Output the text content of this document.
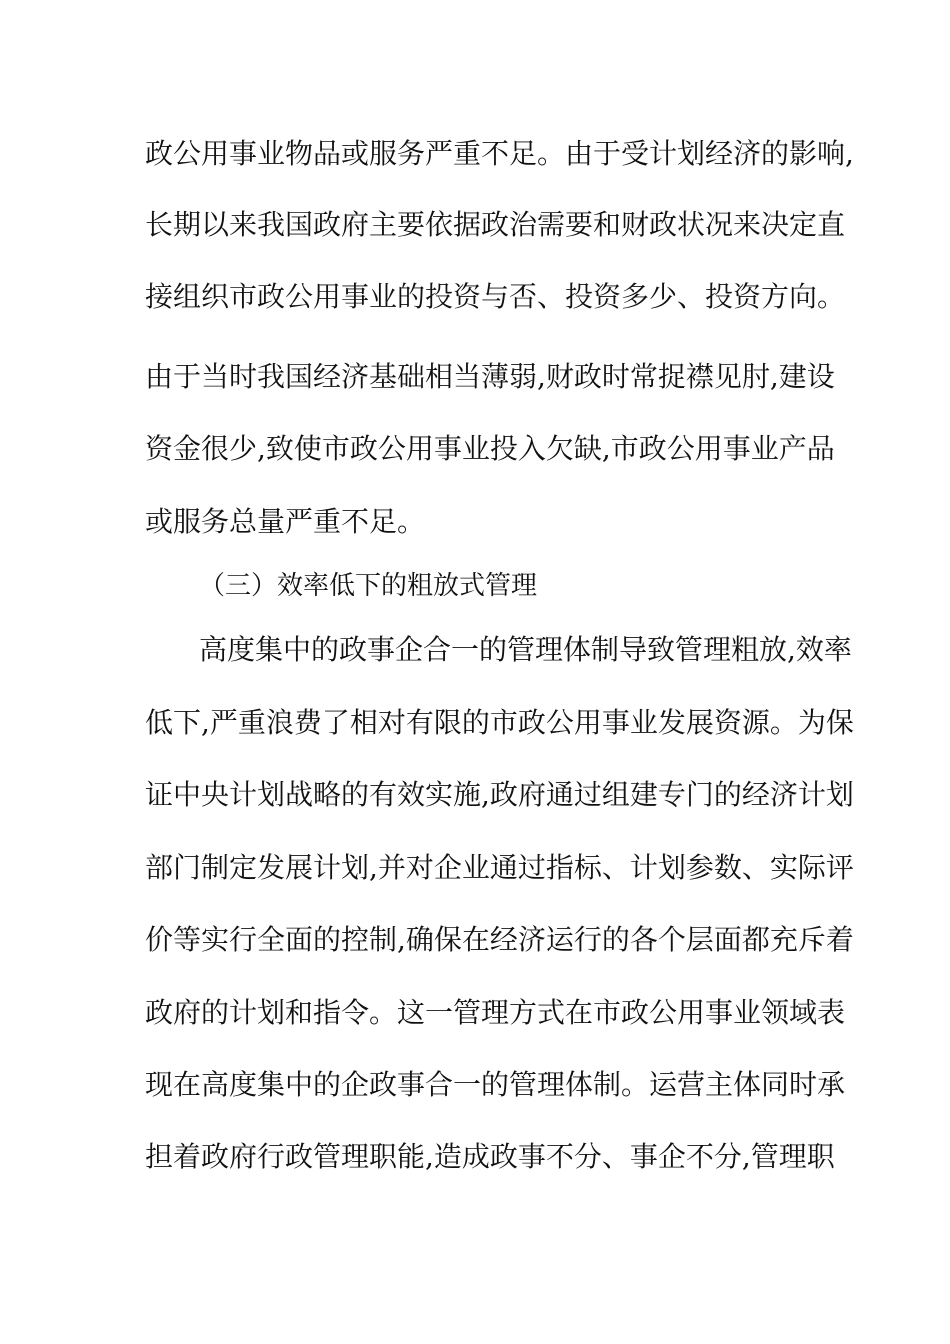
政公用事业物品或服务严重不足。由于受计划经济的影响,
长期以来我国政府主要依据政治需要和财政状况来决定直
接组织市政公用事业的投资与否、投资多少、投资方向。
由于当时我国经济基础相当薄弱,财政时常捉襟见肘,建设
资金很少,致使市政公用事业投入欠缺,市政公用事业产品
或服务总量严重不足。
（三）效率低下的粗放式管理
高度集中的政事企合一的管理体制导致管理粗放,效率
低下,严重浪费了相对有限的市政公用事业发展资源。为保
证中央计划战略的有效实施,政府通过组建专门的经济计划
部门制定发展计划,并对企业通过指标、计划参数、实际评
价等实行全面的控制,确保在经济运行的各个层面都充斥着
政府的计划和指令。这一管理方式在市政公用事业领域表
现在高度集中的企政事合一的管理体制。运营主体同时承
担着政府行政管理职能,造成政事不分、事企不分,管理职
